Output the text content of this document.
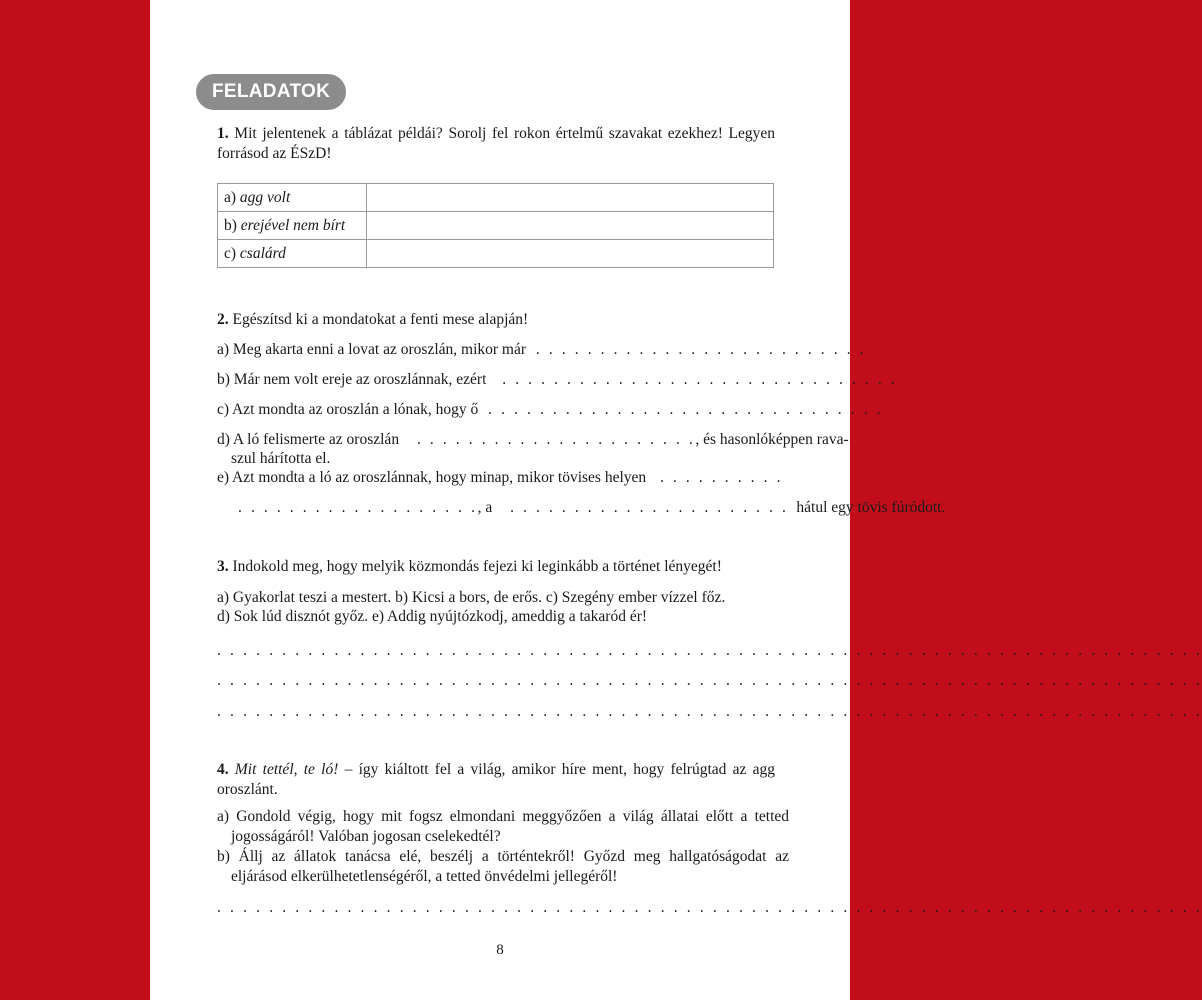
FELADATOK
1. Mit jelentenek a táblázat példái? Sorolj fel rokon értelmű szavakat ezekhez! Legyen forrásod az ÉSzD!
a) agg volt	
b) erejével nem bírt	
c) csalárd	
2. Egészítsd ki a mondatokat a fenti mese alapján!
a) Meg akarta enni a lovat az oroszlán, mikor már . . . . . . . . . . . . . . . . . . . . . . . . . .
b) Már nem volt ereje az oroszlánnak, ezért . . . . . . . . . . . . . . . . . . . . . . . . . . . . . . .
c) Azt mondta az oroszlán a lónak, hogy ő . . . . . . . . . . . . . . . . . . . . . . . . . . . . . . .
d) A ló felismerte az oroszlán . . . . . . . . . . . . . . . . . . . . . ., és hasonlóképpen rava-
szul hárította el.
e) Azt mondta a ló az oroszlánnak, hogy minap, mikor tövises helyen . . . . . . . . . .
. . . . . . . . . . . . . . . . . . ., a . . . . . . . . . . . . . . . . . . . . . . hátul egy tövis fúródott.
3. Indokold meg, hogy melyik közmondás fejezi ki leginkább a történet lényegét!
a) Gyakorlat teszi a mestert. b) Kicsi a bors, de erős. c) Szegény ember vízzel főz.
d) Sok lúd disznót győz. e) Addig nyújtózkodj, ameddig a takaród ér!
. . . . . . . . . . . . . . . . . . . . . . . . . . . . . . . . . . . . . . . . . . . . . . . . . . . . . . . . . . . . . . . . . . . . . . . . . . . .
. . . . . . . . . . . . . . . . . . . . . . . . . . . . . . . . . . . . . . . . . . . . . . . . . . . . . . . . . . . . . . . . . . . . . . . . . . . .
. . . . . . . . . . . . . . . . . . . . . . . . . . . . . . . . . . . . . . . . . . . . . . . . . . . . . . . . . . . . . . . . . . . . . . . . . . . .
4. Mit tettél, te ló! – így kiáltott fel a világ, amikor híre ment, hogy felrúgtad az agg oroszlánt.
a) Gondold végig, hogy mit fogsz elmondani meggyőzően a világ állatai előtt a tetted jogosságáról! Valóban jogosan cselekedtél?
b) Állj az állatok tanácsa elé, beszélj a történtekről! Győzd meg hallgatóságodat az eljárásod elkerülhetetlenségéről, a tetted önvédelmi jellegéről!
. . . . . . . . . . . . . . . . . . . . . . . . . . . . . . . . . . . . . . . . . . . . . . . . . . . . . . . . . . . . . . . . . . . . . . . . . . . .
8
